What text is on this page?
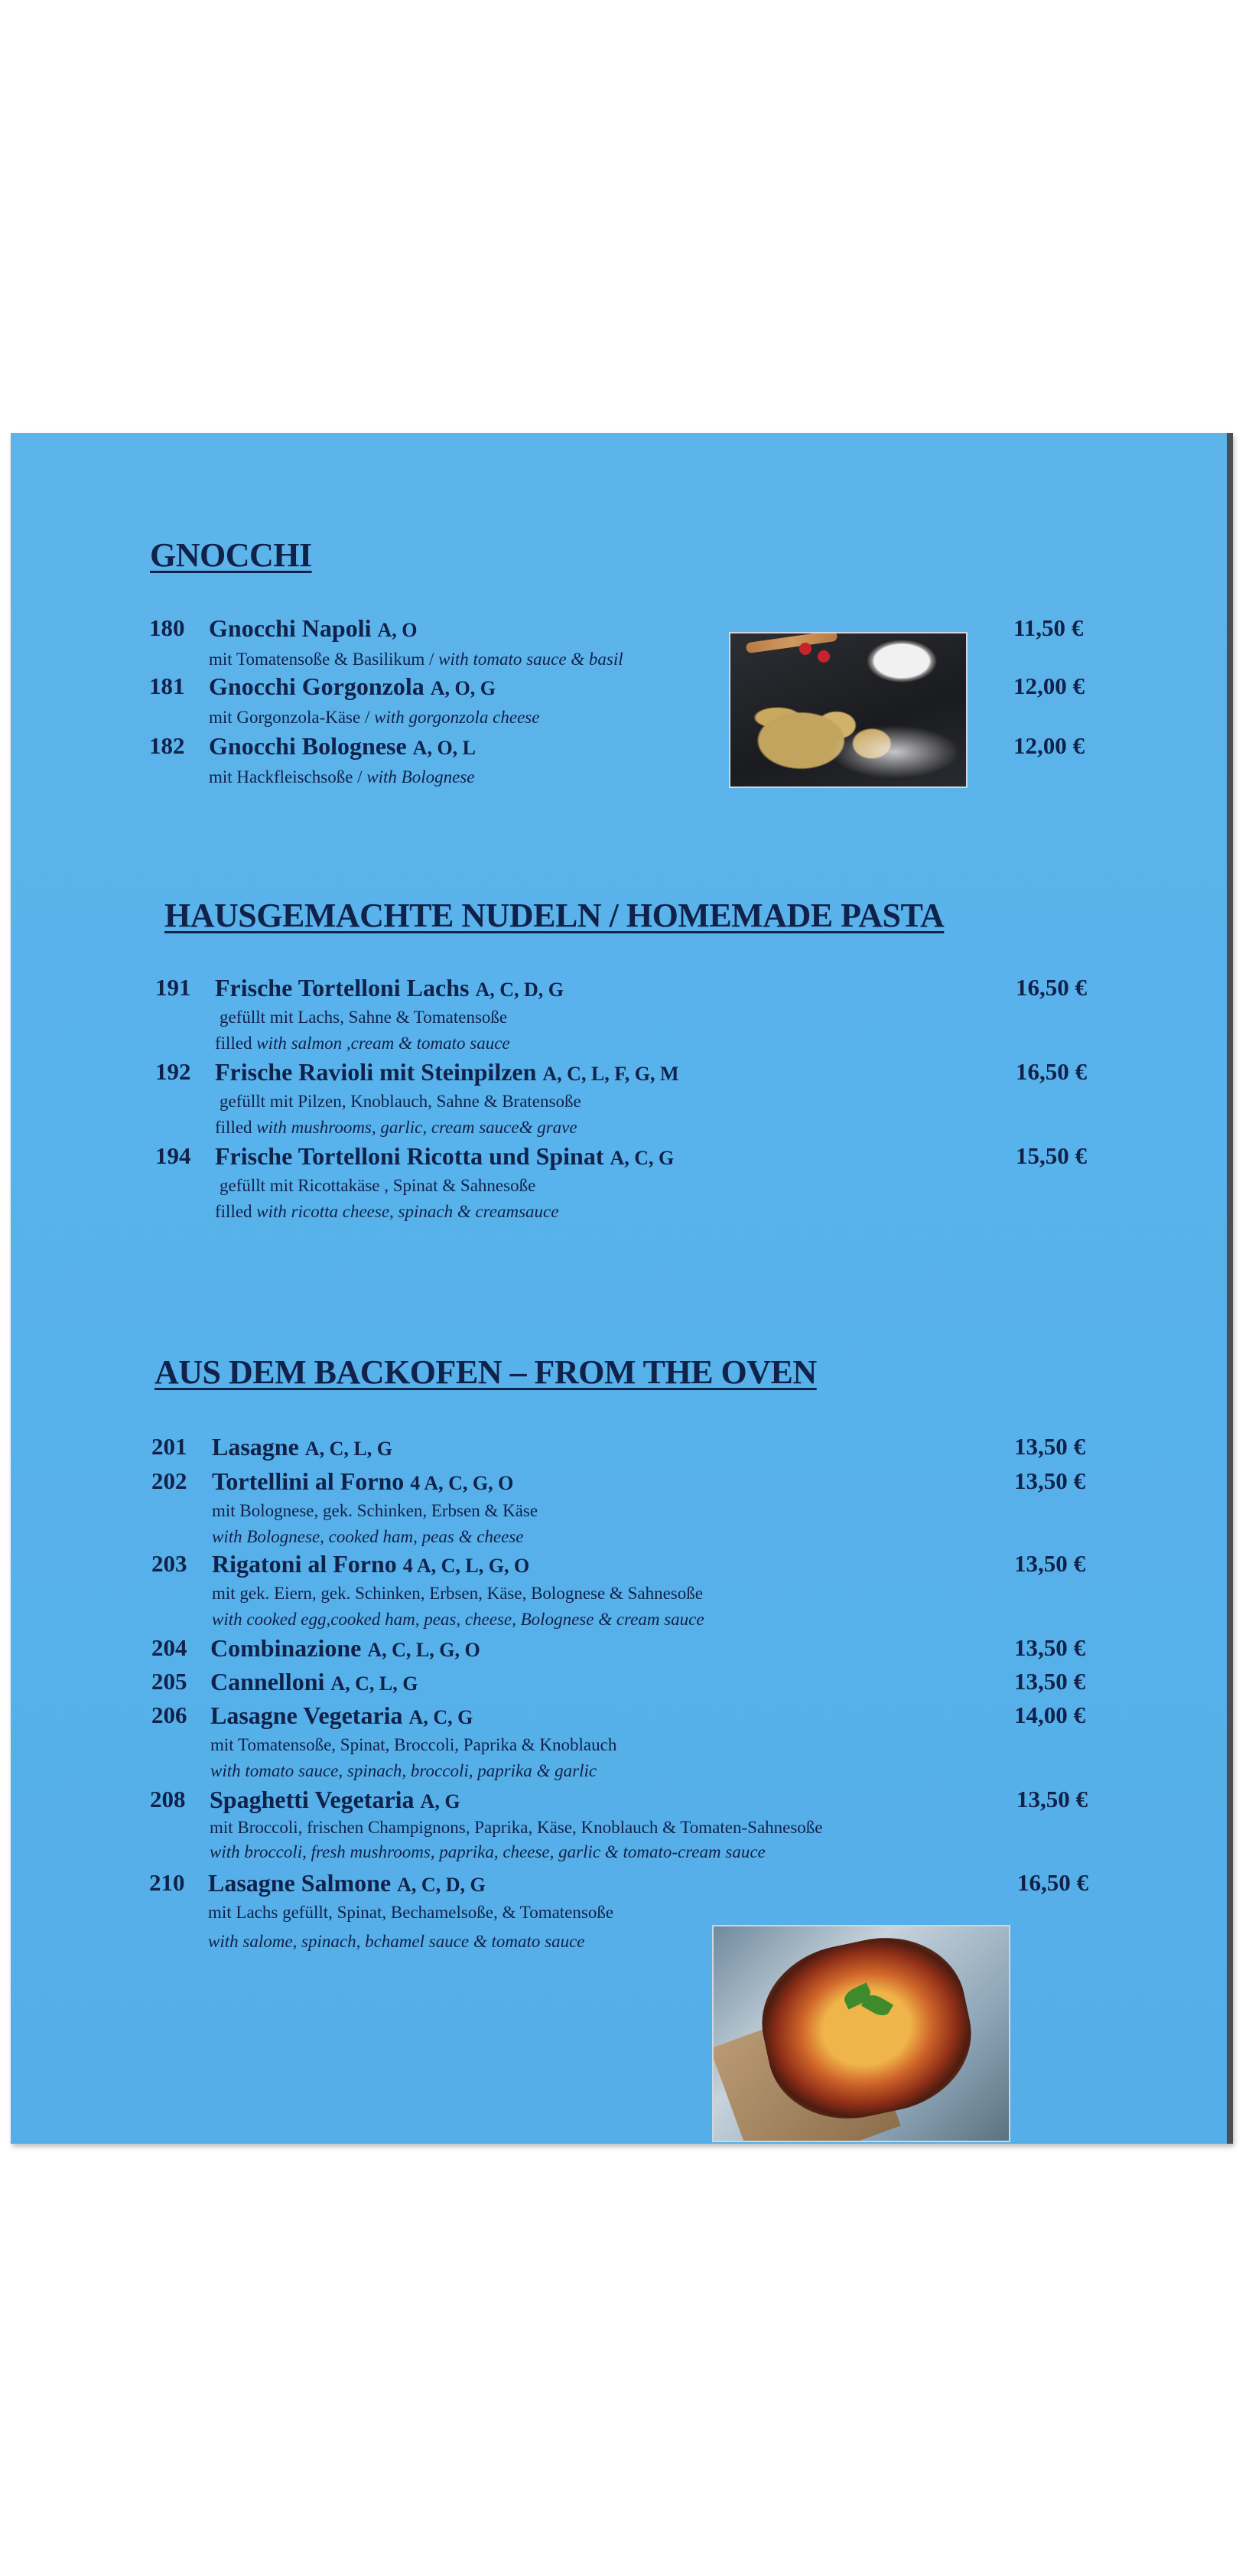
GNOCCHI
180 Gnocchi Napoli A, O	11,50 €
mit Tomatensoße & Basilikum / with tomato sauce & basil
181 Gnocchi Gorgonzola A, O, G	12,00 €
mit Gorgonzola-Käse / with gorgonzola cheese
182 Gnocchi Bolognese A, O, L	12,00 €
mit Hackfleischsoße / with Bolognese
HAUSGEMACHTE NUDELN / HOMEMADE PASTA
191 Frische Tortelloni Lachs A, C, D, G	16,50 €
gefüllt mit Lachs, Sahne & Tomatensoße
filled with salmon ,cream & tomato sauce
192 Frische Ravioli mit Steinpilzen A, C, L, F, G, M	16,50 €
gefüllt mit Pilzen, Knoblauch, Sahne & Bratensoße
filled with mushrooms, garlic, cream sauce& grave
194 Frische Tortelloni Ricotta und Spinat A, C, G	15,50 €
gefüllt mit Ricottakäse , Spinat & Sahnesoße
filled with ricotta cheese, spinach & creamsauce
AUS DEM BACKOFEN – FROM THE OVEN
201 Lasagne A, C, L, G	13,50 €
202 Tortellini al Forno 4 A, C, G, O	13,50 €
mit Bolognese, gek. Schinken, Erbsen & Käse
with Bolognese, cooked ham, peas & cheese
203 Rigatoni al Forno 4 A, C, L, G, O	13,50 €
mit gek. Eiern, gek. Schinken, Erbsen, Käse, Bolognese & Sahnesoße
with cooked egg,cooked ham, peas, cheese, Bolognese & cream sauce
204 Combinazione A, C, L, G, O	13,50 €
205 Cannelloni A, C, L, G	13,50 €
206 Lasagne Vegetaria A, C, G	14,00 €
mit Tomatensoße, Spinat, Broccoli, Paprika & Knoblauch
with tomato sauce, spinach, broccoli, paprika & garlic
208 Spaghetti Vegetaria A, G	13,50 €
mit Broccoli, frischen Champignons, Paprika, Käse, Knoblauch & Tomaten-Sahnesoße
with broccoli, fresh mushrooms, paprika, cheese, garlic & tomato-cream sauce
210 Lasagne Salmone A, C, D, G	16,50 €
mit Lachs gefüllt, Spinat, Bechamelsoße, & Tomatensoße
with salome, spinach, bchamel sauce & tomato sauce
